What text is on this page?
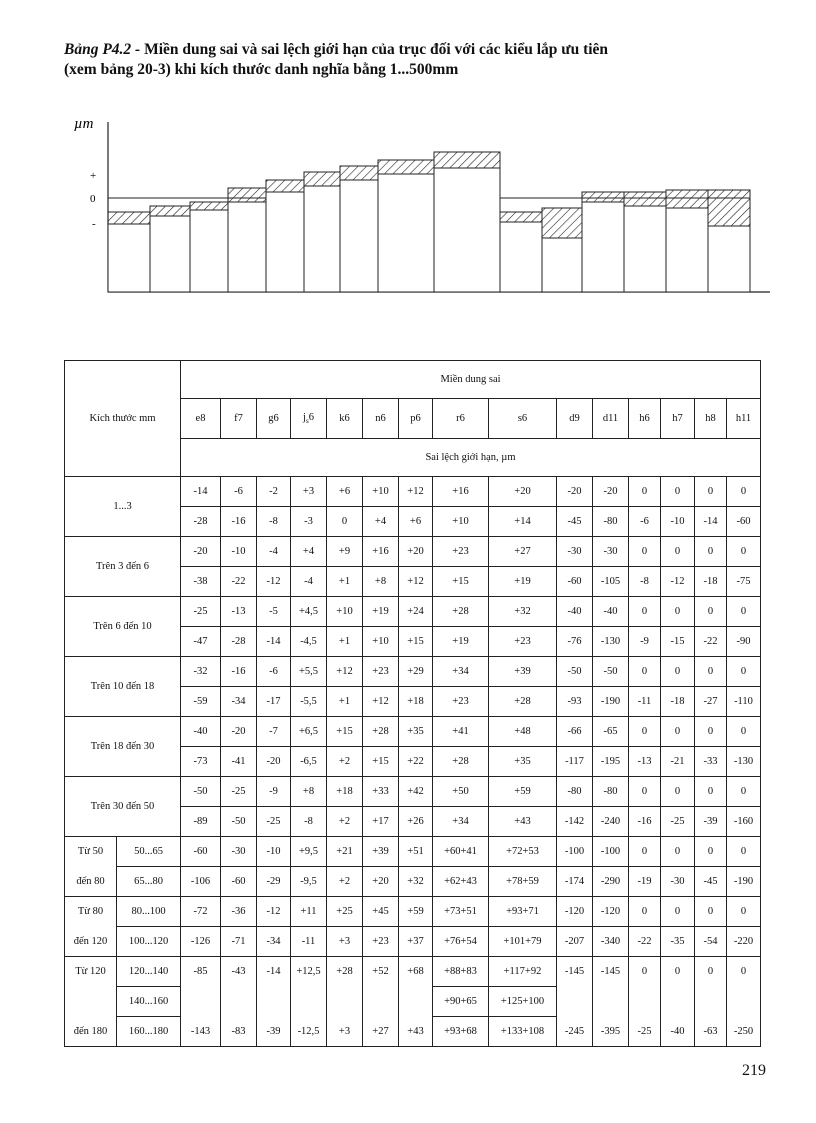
Bảng P4.2 - Miền dung sai và sai lệch giới hạn của trục đối với các kiểu lắp ưu tiên
(xem bảng 20-3) khi kích thước danh nghĩa bằng 1...500mm
µm
+
0
-
Kích thước mm		Miền dung sai														
		e8	f7	g6	$j_s6$	k6	n6	p6	r6	s6	d9	d11	h6	h7	h8	h11
		Sai lệch giới hạn, µm														
1...3		-14	-6	-2	+3	+6	+10	+12	+16	+20	-20	-20	0	0	0	0
		-28	-16	-8	-3	0	+4	+6	+10	+14	-45	-80	-6	-10	-14	-60
Trên 3 đến 6		-20	-10	-4	+4	+9	+16	+20	+23	+27	-30	-30	0	0	0	0
		-38	-22	-12	-4	+1	+8	+12	+15	+19	-60	-105	-8	-12	-18	-75
Trên 6 đến 10		-25	-13	-5	+4,5	+10	+19	+24	+28	+32	-40	-40	0	0	0	0
		-47	-28	-14	-4,5	+1	+10	+15	+19	+23	-76	-130	-9	-15	-22	-90
Trên 10 đến 18		-32	-16	-6	+5,5	+12	+23	+29	+34	+39	-50	-50	0	0	0	0
		-59	-34	-17	-5,5	+1	+12	+18	+23	+28	-93	-190	-11	-18	-27	-110
Trên 18 đến 30		-40	-20	-7	+6,5	+15	+28	+35	+41	+48	-66	-65	0	0	0	0
		-73	-41	-20	-6,5	+2	+15	+22	+28	+35	-117	-195	-13	-21	-33	-130
Trên 30 đến 50		-50	-25	-9	+8	+18	+33	+42	+50	+59	-80	-80	0	0	0	0
		-89	-50	-25	-8	+2	+17	+26	+34	+43	-142	-240	-16	-25	-39	-160
Từ 50	50...65	-60	-30	-10	+9,5	+21	+39	+51	+60+41	+72+53	-100	-100	0	0	0	0
đến 80	65...80	-106	-60	-29	-9,5	+2	+20	+32	+62+43	+78+59	-174	-290	-19	-30	-45	-190
Từ 80	80...100	-72	-36	-12	+11	+25	+45	+59	+73+51	+93+71	-120	-120	0	0	0	0
đến 120	100...120	-126	-71	-34	-11	+3	+23	+37	+76+54	+101+79	-207	-340	-22	-35	-54	-220
Từ 120	120...140	-85	-43	-14	+12,5	+28	+52	+68	+88+83	+117+92	-145	-145	0	0	0	0
	140...160								+90+65	+125+100						
đến 180	160...180	-143	-83	-39	-12,5	+3	+27	+43	+93+68	+133+108	-245	-395	-25	-40	-63	-250
219
